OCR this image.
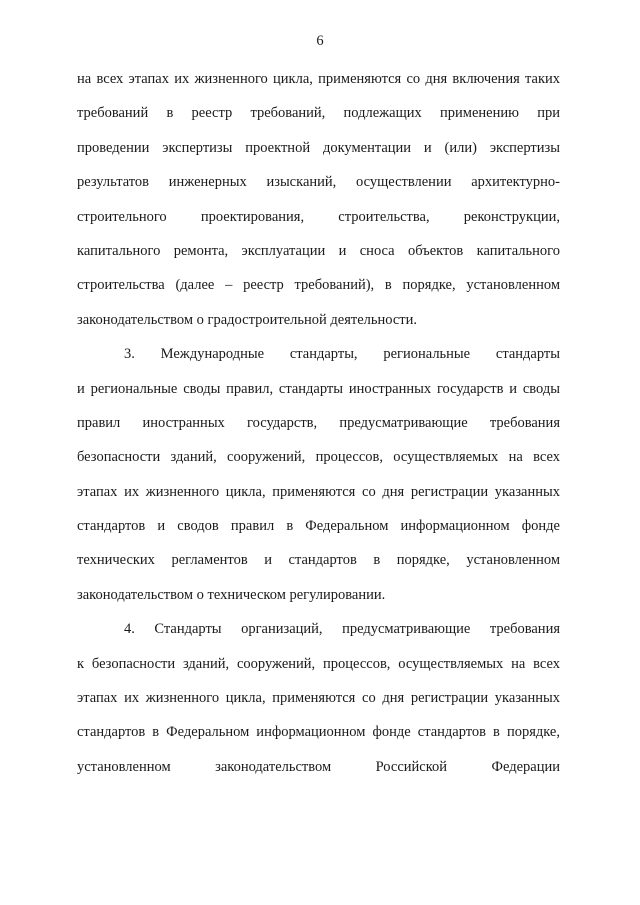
6

на всех этапах их жизненного цикла, применяются со дня включения таких
требований в реестр требований, подлежащих применению при
проведении экспертизы проектной документации и (или) экспертизы
результатов инженерных изысканий, осуществлении архитектурно-
строительного проектирования, строительства, реконструкции,
капитального ремонта, эксплуатации и сноса объектов капитального
строительства (далее – реестр требований), в порядке, установленном
законодательством о градостроительной деятельности.

3. Международные стандарты, региональные стандарты
и региональные своды правил, стандарты иностранных государств и своды
правил иностранных государств, предусматривающие требования
безопасности зданий, сооружений, процессов, осуществляемых на всех
этапах их жизненного цикла, применяются со дня регистрации указанных
стандартов и сводов правил в Федеральном информационном фонде
технических регламентов и стандартов в порядке, установленном
законодательством о техническом регулировании.

4. Стандарты организаций, предусматривающие требования
к безопасности зданий, сооружений, процессов, осуществляемых на всех
этапах их жизненного цикла, применяются со дня регистрации указанных
стандартов в Федеральном информационном фонде стандартов в порядке,
установленном законодательством Российской Федерации
